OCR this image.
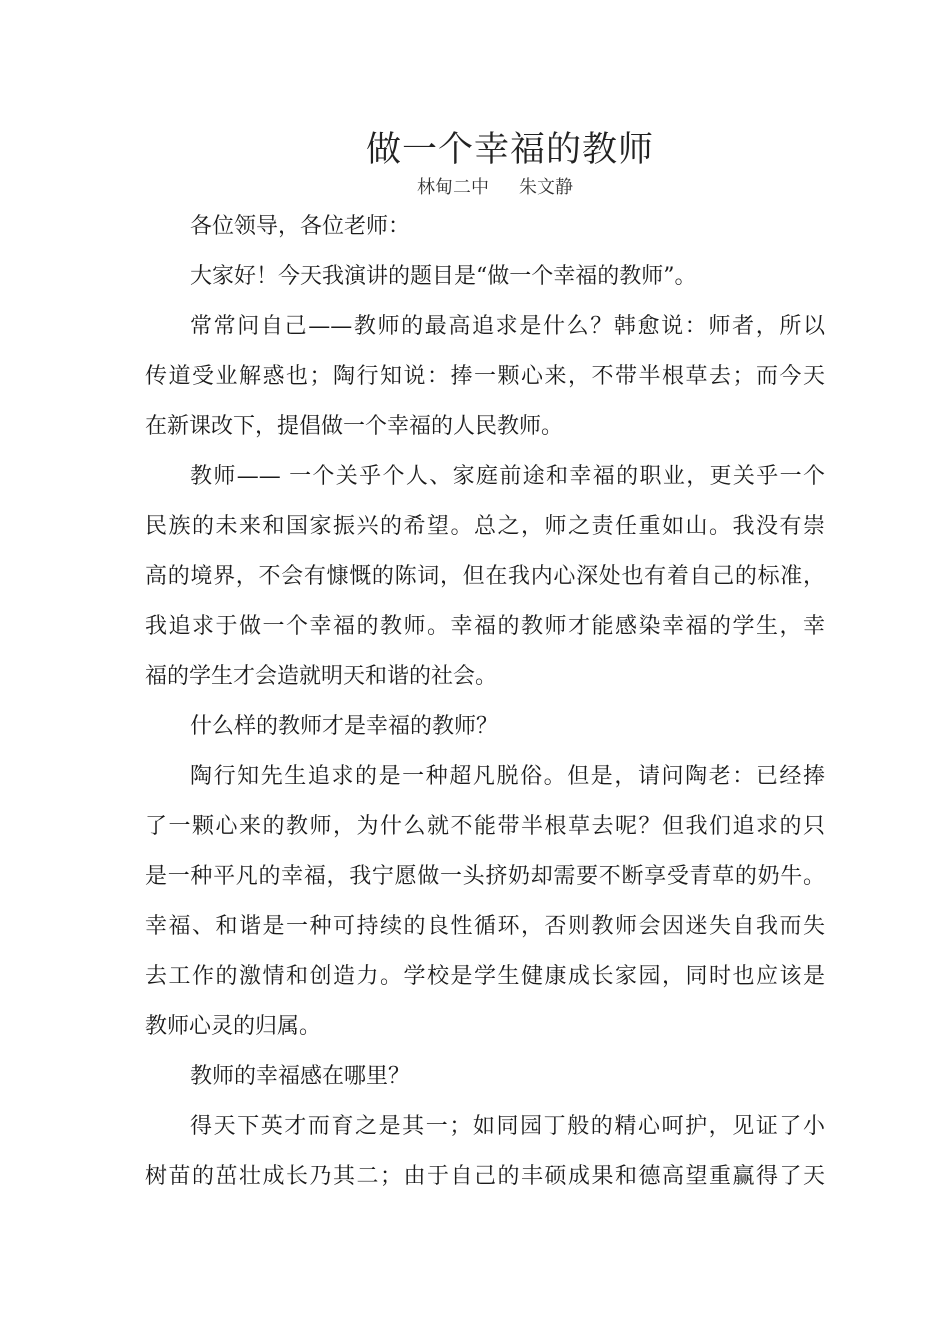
做一个幸福的教师
林甸二中 朱文静
各位领导，各位老师：
大家好！今天我演讲的题目是“做一个幸福的教师”。
常常问自己——教师的最高追求是什么？韩愈说：师者，所以
传道受业解惑也；陶行知说：捧一颗心来，不带半根草去；而今天
在新课改下，提倡做一个幸福的人民教师。
教师—— 一个关乎个人、家庭前途和幸福的职业，更关乎一个
民族的未来和国家振兴的希望。总之，师之责任重如山。我没有崇
高的境界，不会有慷慨的陈词，但在我内心深处也有着自己的标准，
我追求于做一个幸福的教师。幸福的教师才能感染幸福的学生，幸
福的学生才会造就明天和谐的社会。
什么样的教师才是幸福的教师？
陶行知先生追求的是一种超凡脱俗。但是，请问陶老：已经捧
了一颗心来的教师，为什么就不能带半根草去呢？但我们追求的只
是一种平凡的幸福，我宁愿做一头挤奶却需要不断享受青草的奶牛。
幸福、和谐是一种可持续的良性循环，否则教师会因迷失自我而失
去工作的激情和创造力。学校是学生健康成长家园，同时也应该是
教师心灵的归属。
教师的幸福感在哪里？
得天下英才而育之是其一；如同园丁般的精心呵护，见证了小
树苗的茁壮成长乃其二；由于自己的丰硕成果和德高望重赢得了天
